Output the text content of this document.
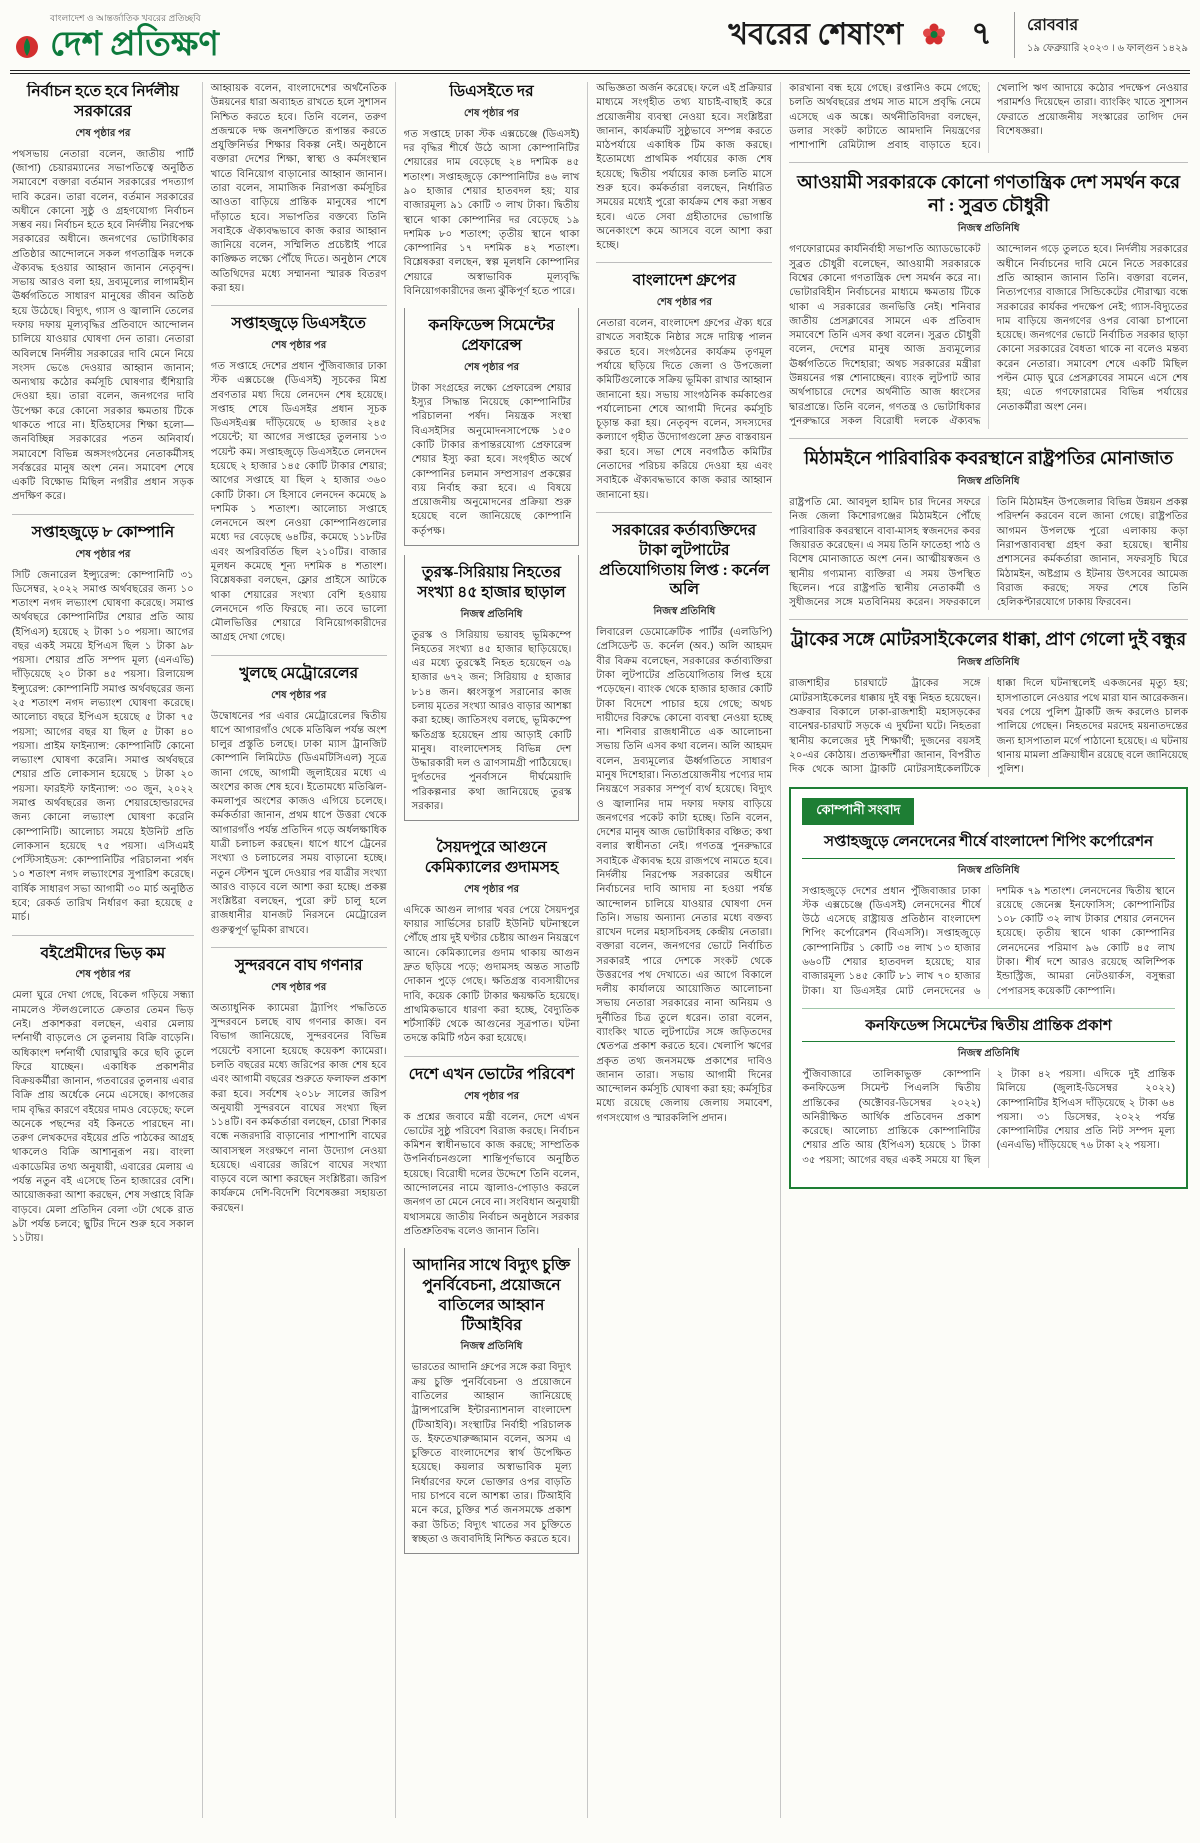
বাংলাদেশ ও আন্তর্জাতিক খবরের প্রতিচ্ছবি
দেশ প্রতিক্ষণ	খবরের শেষাংশ ৭	রোববার
১৯ ফেব্রুয়ারি ২০২৩ । ৬ ফাল্গুন ১৪২৯
নির্বাচন হতে হবে নির্দলীয় সরকারের
শেষ পৃষ্ঠার পর

পথসভায় নেতারা বলেন, জাতীয় পার্টি (জাপা) চেয়ারম্যানের সভাপতিত্বে অনুষ্ঠিত সমাবেশে বক্তারা বর্তমান সরকারের পদত্যাগ দাবি করেন। তারা বলেন, বর্তমান সরকারের অধীনে কোনো সুষ্ঠু ও গ্রহণযোগ্য নির্বাচন সম্ভব নয়। নির্বাচন হতে হবে নির্দলীয় নিরপেক্ষ সরকারের অধীনে। জনগণের ভোটাধিকার প্রতিষ্ঠার আন্দোলনে সকল গণতান্ত্রিক দলকে ঐক্যবদ্ধ হওয়ার আহ্বান জানান নেতৃবৃন্দ। সভায় আরও বলা হয়, দ্রব্যমূল্যের লাগামহীন ঊর্ধ্বগতিতে সাধারণ মানুষের জীবন অতিষ্ঠ হয়ে উঠেছে। বিদ্যুৎ, গ্যাস ও জ্বালানি তেলের দফায় দফায় মূল্যবৃদ্ধির প্রতিবাদে আন্দোলন চালিয়ে যাওয়ার ঘোষণা দেন তারা। নেতারা অবিলম্বে নির্দলীয় সরকারের দাবি মেনে নিয়ে সংসদ ভেঙে দেওয়ার আহ্বান জানান; অন্যথায় কঠোর কর্মসূচি ঘোষণার হুঁশিয়ারি দেওয়া হয়। তারা বলেন, জনগণের দাবি উপেক্ষা করে কোনো সরকার ক্ষমতায় টিকে থাকতে পারে না। ইতিহাসের শিক্ষা হলো— জনবিচ্ছিন্ন সরকারের পতন অনিবার্য। সমাবেশে বিভিন্ন অঙ্গসংগঠনের নেতাকর্মীসহ সর্বস্তরের মানুষ অংশ নেন। সমাবেশ শেষে একটি বিক্ষোভ মিছিল নগরীর প্রধান সড়ক প্রদক্ষিণ করে।

সপ্তাহজুড়ে ৮ কোম্পানি
শেষ পৃষ্ঠার পর

সিটি জেনারেল ইন্স্যুরেন্স: কোম্পানিটি ৩১ ডিসেম্বর, ২০২২ সমাপ্ত অর্থবছরের জন্য ১০ শতাংশ নগদ লভ্যাংশ ঘোষণা করেছে। সমাপ্ত অর্থবছরে কোম্পানিটির শেয়ার প্রতি আয় (ইপিএস) হয়েছে ২ টাকা ১০ পয়সা। আগের বছর একই সময়ে ইপিএস ছিল ১ টাকা ৯৮ পয়সা। শেয়ার প্রতি সম্পদ মূল্য (এনএভি) দাঁড়িয়েছে ২০ টাকা ৪৫ পয়সা। রিলায়েন্স ইন্স্যুরেন্স: কোম্পানিটি সমাপ্ত অর্থবছরের জন্য ২৫ শতাংশ নগদ লভ্যাংশ ঘোষণা করেছে। আলোচ্য বছরে ইপিএস হয়েছে ৫ টাকা ৭৫ পয়সা; আগের বছর যা ছিল ৫ টাকা ৪০ পয়সা। প্রাইম ফাইন্যান্স: কোম্পানিটি কোনো লভ্যাংশ ঘোষণা করেনি। সমাপ্ত অর্থবছরে শেয়ার প্রতি লোকসান হয়েছে ১ টাকা ২০ পয়সা। ফারইস্ট ফাইন্যান্স: ৩০ জুন, ২০২২ সমাপ্ত অর্থবছরের জন্য শেয়ারহোল্ডারদের জন্য কোনো লভ্যাংশ ঘোষণা করেনি কোম্পানিটি। আলোচ্য সময়ে ইউনিট প্রতি লোকসান হয়েছে ৭৫ পয়সা। এসিএমই পেস্টিসাইডস: কোম্পানিটির পরিচালনা পর্ষদ ১০ শতাংশ নগদ লভ্যাংশের সুপারিশ করেছে। বার্ষিক সাধারণ সভা আগামী ৩০ মার্চ অনুষ্ঠিত হবে; রেকর্ড তারিখ নির্ধারণ করা হয়েছে ৫ মার্চ।

বইপ্রেমীদের ভিড় কম
শেষ পৃষ্ঠার পর

মেলা ঘুরে দেখা গেছে, বিকেল গড়িয়ে সন্ধ্যা নামলেও স্টলগুলোতে ক্রেতার তেমন ভিড় নেই। প্রকাশকরা বলছেন, এবার মেলায় দর্শনার্থী বাড়লেও সে তুলনায় বিক্রি বাড়েনি। অধিকাংশ দর্শনার্থী ঘোরাঘুরি করে ছবি তুলে ফিরে যাচ্ছেন। একাধিক প্রকাশনীর বিক্রয়কর্মীরা জানান, গতবারের তুলনায় এবার বিক্রি প্রায় অর্ধেকে নেমে এসেছে। কাগজের দাম বৃদ্ধির কারণে বইয়ের দামও বেড়েছে; ফলে অনেকে পছন্দের বই কিনতে পারছেন না। তরুণ লেখকদের বইয়ের প্রতি পাঠকের আগ্রহ থাকলেও বিক্রি আশানুরূপ নয়। বাংলা একাডেমির তথ্য অনুযায়ী, এবারের মেলায় এ পর্যন্ত নতুন বই এসেছে তিন হাজারের বেশি। আয়োজকরা আশা করছেন, শেষ সপ্তাহে বিক্রি বাড়বে। মেলা প্রতিদিন বেলা ৩টা থেকে রাত ৯টা পর্যন্ত চলবে; ছুটির দিনে শুরু হবে সকাল ১১টায়।

আহ্বায়ক বলেন, বাংলাদেশের অর্থনৈতিক উন্নয়নের ধারা অব্যাহত রাখতে হলে সুশাসন নিশ্চিত করতে হবে। তিনি বলেন, তরুণ প্রজন্মকে দক্ষ জনশক্তিতে রূপান্তর করতে প্রযুক্তিনির্ভর শিক্ষার বিকল্প নেই। অনুষ্ঠানে বক্তারা দেশের শিক্ষা, স্বাস্থ্য ও কর্মসংস্থান খাতে বিনিয়োগ বাড়ানোর আহ্বান জানান। তারা বলেন, সামাজিক নিরাপত্তা কর্মসূচির আওতা বাড়িয়ে প্রান্তিক মানুষের পাশে দাঁড়াতে হবে। সভাপতির বক্তব্যে তিনি সবাইকে ঐক্যবদ্ধভাবে কাজ করার আহ্বান জানিয়ে বলেন, সম্মিলিত প্রচেষ্টাই পারে কাঙ্ক্ষিত লক্ষ্যে পৌঁছে দিতে। অনুষ্ঠান শেষে অতিথিদের মধ্যে সম্মাননা স্মারক বিতরণ করা হয়।

সপ্তাহজুড়ে ডিএসইতে
শেষ পৃষ্ঠার পর

গত সপ্তাহে দেশের প্রধান পুঁজিবাজার ঢাকা স্টক এক্সচেঞ্জে (ডিএসই) সূচকের মিশ্র প্রবণতার মধ্য দিয়ে লেনদেন শেষ হয়েছে। সপ্তাহ শেষে ডিএসইর প্রধান সূচক ডিএসইএক্স দাঁড়িয়েছে ৬ হাজার ২৪৫ পয়েন্টে; যা আগের সপ্তাহের তুলনায় ১৩ পয়েন্ট কম। সপ্তাহজুড়ে ডিএসইতে লেনদেন হয়েছে ২ হাজার ১৪৫ কোটি টাকার শেয়ার; আগের সপ্তাহে যা ছিল ২ হাজার ৩৬০ কোটি টাকা। সে হিসাবে লেনদেন কমেছে ৯ দশমিক ১ শতাংশ। আলোচ্য সপ্তাহে লেনদেনে অংশ নেওয়া কোম্পানিগুলোর মধ্যে দর বেড়েছে ৬৪টির, কমেছে ১১৮টির এবং অপরিবর্তিত ছিল ২১০টির। বাজার মূলধন কমেছে শূন্য দশমিক ৪ শতাংশ। বিশ্লেষকরা বলছেন, ফ্লোর প্রাইসে আটকে থাকা শেয়ারের সংখ্যা বেশি হওয়ায় লেনদেনে গতি ফিরছে না। তবে ভালো মৌলভিত্তির শেয়ারে বিনিয়োগকারীদের আগ্রহ দেখা গেছে।

খুলছে মেট্রোরেলের
শেষ পৃষ্ঠার পর

উদ্বোধনের পর এবার মেট্রোরেলের দ্বিতীয় ধাপে আগারগাঁও থেকে মতিঝিল পর্যন্ত অংশ চালুর প্রস্তুতি চলছে। ঢাকা ম্যাস ট্রানজিট কোম্পানি লিমিটেড (ডিএমটিসিএল) সূত্রে জানা গেছে, আগামী জুলাইয়ের মধ্যে এ অংশের কাজ শেষ হবে। ইতোমধ্যে মতিঝিল-কমলাপুর অংশের কাজও এগিয়ে চলেছে। কর্মকর্তারা জানান, প্রথম ধাপে উত্তরা থেকে আগারগাঁও পর্যন্ত প্রতিদিন গড়ে অর্ধলক্ষাধিক যাত্রী চলাচল করছেন। ধাপে ধাপে ট্রেনের সংখ্যা ও চলাচলের সময় বাড়ানো হচ্ছে। নতুন স্টেশন খুলে দেওয়ার পর যাত্রীর সংখ্যা আরও বাড়বে বলে আশা করা হচ্ছে। প্রকল্প সংশ্লিষ্টরা বলছেন, পুরো রুট চালু হলে রাজধানীর যানজট নিরসনে মেট্রোরেল গুরুত্বপূর্ণ ভূমিকা রাখবে।

সুন্দরবনে বাঘ গণনার
শেষ পৃষ্ঠার পর

অত্যাধুনিক ক্যামেরা ট্র্যাপিং পদ্ধতিতে সুন্দরবনে চলছে বাঘ গণনার কাজ। বন বিভাগ জানিয়েছে, সুন্দরবনের বিভিন্ন পয়েন্টে বসানো হয়েছে কয়েকশ ক্যামেরা। চলতি বছরের মধ্যে জরিপের কাজ শেষ হবে এবং আগামী বছরের শুরুতে ফলাফল প্রকাশ করা হবে। সর্বশেষ ২০১৮ সালের জরিপ অনুযায়ী সুন্দরবনে বাঘের সংখ্যা ছিল ১১৪টি। বন কর্মকর্তারা বলছেন, চোরা শিকার বন্ধে নজরদারি বাড়ানোর পাশাপাশি বাঘের আবাসস্থল সংরক্ষণে নানা উদ্যোগ নেওয়া হয়েছে। এবারের জরিপে বাঘের সংখ্যা বাড়বে বলে আশা করছেন সংশ্লিষ্টরা। জরিপ কার্যক্রমে দেশি-বিদেশি বিশেষজ্ঞরা সহায়তা করছেন।

ডিএসইতে দর
শেষ পৃষ্ঠার পর

গত সপ্তাহে ঢাকা স্টক এক্সচেঞ্জে (ডিএসই) দর বৃদ্ধির শীর্ষে উঠে আসা কোম্পানিটির শেয়ারের দাম বেড়েছে ২৪ দশমিক ৪৫ শতাংশ। সপ্তাহজুড়ে কোম্পানিটির ৪৬ লাখ ৯০ হাজার শেয়ার হাতবদল হয়; যার বাজারমূল্য ৯১ কোটি ৩ লাখ টাকা। দ্বিতীয় স্থানে থাকা কোম্পানির দর বেড়েছে ১৯ দশমিক ৮০ শতাংশ; তৃতীয় স্থানে থাকা কোম্পানির ১৭ দশমিক ৪২ শতাংশ। বিশ্লেষকরা বলছেন, স্বল্প মূলধনি কোম্পানির শেয়ারে অস্বাভাবিক মূল্যবৃদ্ধি বিনিয়োগকারীদের জন্য ঝুঁকিপূর্ণ হতে পারে।

কনফিডেন্স সিমেন্টের প্রেফারেন্স
শেষ পৃষ্ঠার পর

টাকা সংগ্রহের লক্ষ্যে প্রেফারেন্স শেয়ার ইস্যুর সিদ্ধান্ত নিয়েছে কোম্পানিটির পরিচালনা পর্ষদ। নিয়ন্ত্রক সংস্থা বিএসইসির অনুমোদনসাপেক্ষে ১৫০ কোটি টাকার রূপান্তরযোগ্য প্রেফারেন্স শেয়ার ইস্যু করা হবে। সংগৃহীত অর্থে কোম্পানির চলমান সম্প্রসারণ প্রকল্পের ব্যয় নির্বাহ করা হবে। এ বিষয়ে প্রয়োজনীয় অনুমোদনের প্রক্রিয়া শুরু হয়েছে বলে জানিয়েছে কোম্পানি কর্তৃপক্ষ।

তুরস্ক-সিরিয়ায় নিহতের সংখ্যা ৪৫ হাজার ছাড়াল
নিজস্ব প্রতিনিধি

তুরস্ক ও সিরিয়ায় ভয়াবহ ভূমিকম্পে নিহতের সংখ্যা ৪৫ হাজার ছাড়িয়েছে। এর মধ্যে তুরস্কেই নিহত হয়েছেন ৩৯ হাজার ৬৭২ জন; সিরিয়ায় ৫ হাজার ৮১৪ জন। ধ্বংসস্তূপ সরানোর কাজ চলায় মৃতের সংখ্যা আরও বাড়ার আশঙ্কা করা হচ্ছে। জাতিসংঘ বলছে, ভূমিকম্পে ক্ষতিগ্রস্ত হয়েছেন প্রায় আড়াই কোটি মানুষ। বাংলাদেশসহ বিভিন্ন দেশ উদ্ধারকারী দল ও ত্রাণসামগ্রী পাঠিয়েছে। দুর্গতদের পুনর্বাসনে দীর্ঘমেয়াদি পরিকল্পনার কথা জানিয়েছে তুরস্ক সরকার।

সৈয়দপুরে আগুনে কেমিক্যালের গুদামসহ
শেষ পৃষ্ঠার পর

এদিকে আগুন লাগার খবর পেয়ে সৈয়দপুর ফায়ার সার্ভিসের চারটি ইউনিট ঘটনাস্থলে পৌঁছে প্রায় দুই ঘণ্টার চেষ্টায় আগুন নিয়ন্ত্রণে আনে। কেমিক্যালের গুদাম থাকায় আগুন দ্রুত ছড়িয়ে পড়ে; গুদামসহ অন্তত সাতটি দোকান পুড়ে গেছে। ক্ষতিগ্রস্ত ব্যবসায়ীদের দাবি, কয়েক কোটি টাকার ক্ষয়ক্ষতি হয়েছে। প্রাথমিকভাবে ধারণা করা হচ্ছে, বৈদ্যুতিক শর্টসার্কিট থেকে আগুনের সূত্রপাত। ঘটনা তদন্তে কমিটি গঠন করা হয়েছে।

দেশে এখন ভোটের পরিবেশ
শেষ পৃষ্ঠার পর

ক প্রশ্নের জবাবে মন্ত্রী বলেন, দেশে এখন ভোটের সুষ্ঠু পরিবেশ বিরাজ করছে। নির্বাচন কমিশন স্বাধীনভাবে কাজ করছে; সাম্প্রতিক উপনির্বাচনগুলো শান্তিপূর্ণভাবে অনুষ্ঠিত হয়েছে। বিরোধী দলের উদ্দেশে তিনি বলেন, আন্দোলনের নামে জ্বালাও-পোড়াও করলে জনগণ তা মেনে নেবে না। সংবিধান অনুযায়ী যথাসময়ে জাতীয় নির্বাচন অনুষ্ঠানে সরকার প্রতিশ্রুতিবদ্ধ বলেও জানান তিনি।

আদানির সাথে বিদ্যুৎ চুক্তি পুনর্বিবেচনা, প্রয়োজনে বাতিলের আহ্বান টিআইবির
নিজস্ব প্রতিনিধি

ভারতের আদানি গ্রুপের সঙ্গে করা বিদ্যুৎ ক্রয় চুক্তি পুনর্বিবেচনা ও প্রয়োজনে বাতিলের আহ্বান জানিয়েছে ট্রান্সপারেন্সি ইন্টারন্যাশনাল বাংলাদেশ (টিআইবি)। সংস্থাটির নির্বাহী পরিচালক ড. ইফতেখারুজ্জামান বলেন, অসম এ চুক্তিতে বাংলাদেশের স্বার্থ উপেক্ষিত হয়েছে। কয়লার অস্বাভাবিক মূল্য নির্ধারণের ফলে ভোক্তার ওপর বাড়তি দায় চাপবে বলে আশঙ্কা তার। টিআইবি মনে করে, চুক্তির শর্ত জনসমক্ষে প্রকাশ করা উচিত; বিদ্যুৎ খাতের সব চুক্তিতে স্বচ্ছতা ও জবাবদিহি নিশ্চিত করতে হবে।

অভিজ্ঞতা অর্জন করেছে। ফলে এই প্রক্রিয়ার মাধ্যমে সংগৃহীত তথ্য যাচাই-বাছাই করে প্রয়োজনীয় ব্যবস্থা নেওয়া হবে। সংশ্লিষ্টরা জানান, কার্যক্রমটি সুষ্ঠুভাবে সম্পন্ন করতে মাঠপর্যায়ে একাধিক টিম কাজ করছে। ইতোমধ্যে প্রাথমিক পর্যায়ের কাজ শেষ হয়েছে; দ্বিতীয় পর্যায়ের কাজ চলতি মাসে শুরু হবে। কর্মকর্তারা বলছেন, নির্ধারিত সময়ের মধ্যেই পুরো কার্যক্রম শেষ করা সম্ভব হবে। এতে সেবা গ্রহীতাদের ভোগান্তি অনেকাংশে কমে আসবে বলে আশা করা হচ্ছে।

বাংলাদেশ গ্রুপের
শেষ পৃষ্ঠার পর

নেতারা বলেন, বাংলাদেশ গ্রুপের ঐক্য ধরে রাখতে সবাইকে নিষ্ঠার সঙ্গে দায়িত্ব পালন করতে হবে। সংগঠনের কার্যক্রম তৃণমূল পর্যায়ে ছড়িয়ে দিতে জেলা ও উপজেলা কমিটিগুলোকে সক্রিয় ভূমিকা রাখার আহ্বান জানানো হয়। সভায় সাংগঠনিক কর্মকাণ্ডের পর্যালোচনা শেষে আগামী দিনের কর্মসূচি চূড়ান্ত করা হয়। নেতৃবৃন্দ বলেন, সদস্যদের কল্যাণে গৃহীত উদ্যোগগুলো দ্রুত বাস্তবায়ন করা হবে। সভা শেষে নবগঠিত কমিটির নেতাদের পরিচয় করিয়ে দেওয়া হয় এবং সবাইকে ঐক্যবদ্ধভাবে কাজ করার আহ্বান জানানো হয়।

সরকারের কর্তাব্যক্তিদের টাকা লুটপাটের প্রতিযোগিতায় লিপ্ত : কর্নেল অলি
নিজস্ব প্রতিনিধি

লিবারেল ডেমোক্রেটিক পার্টির (এলডিপি) প্রেসিডেন্ট ড. কর্নেল (অব.) অলি আহমদ বীর বিক্রম বলেছেন, সরকারের কর্তাব্যক্তিরা টাকা লুটপাটের প্রতিযোগিতায় লিপ্ত হয়ে পড়েছেন। ব্যাংক থেকে হাজার হাজার কোটি টাকা বিদেশে পাচার হয়ে গেছে; অথচ দায়ীদের বিরুদ্ধে কোনো ব্যবস্থা নেওয়া হচ্ছে না। শনিবার রাজধানীতে এক আলোচনা সভায় তিনি এসব কথা বলেন। অলি আহমদ বলেন, দ্রব্যমূল্যের ঊর্ধ্বগতিতে সাধারণ মানুষ দিশেহারা। নিত্যপ্রয়োজনীয় পণ্যের দাম নিয়ন্ত্রণে সরকার সম্পূর্ণ ব্যর্থ হয়েছে। বিদ্যুৎ ও জ্বালানির দাম দফায় দফায় বাড়িয়ে জনগণের পকেট কাটা হচ্ছে। তিনি বলেন, দেশের মানুষ আজ ভোটাধিকার বঞ্চিত; কথা বলার স্বাধীনতা নেই। গণতন্ত্র পুনরুদ্ধারে সবাইকে ঐক্যবদ্ধ হয়ে রাজপথে নামতে হবে। নির্দলীয় নিরপেক্ষ সরকারের অধীনে নির্বাচনের দাবি আদায় না হওয়া পর্যন্ত আন্দোলন চালিয়ে যাওয়ার ঘোষণা দেন তিনি। সভায় অন্যান্য নেতার মধ্যে বক্তব্য রাখেন দলের মহাসচিবসহ কেন্দ্রীয় নেতারা। বক্তারা বলেন, জনগণের ভোটে নির্বাচিত সরকারই পারে দেশকে সংকট থেকে উত্তরণের পথ দেখাতে। এর আগে বিকালে দলীয় কার্যালয়ে আয়োজিত আলোচনা সভায় নেতারা সরকারের নানা অনিয়ম ও দুর্নীতির চিত্র তুলে ধরেন। তারা বলেন, ব্যাংকিং খাতে লুটপাটের সঙ্গে জড়িতদের শ্বেতপত্র প্রকাশ করতে হবে। খেলাপি ঋণের প্রকৃত তথ্য জনসমক্ষে প্রকাশের দাবিও জানান তারা। সভায় আগামী দিনের আন্দোলন কর্মসূচি ঘোষণা করা হয়; কর্মসূচির মধ্যে রয়েছে জেলায় জেলায় সমাবেশ, গণসংযোগ ও স্মারকলিপি প্রদান।

কারখানা বন্ধ হয়ে গেছে। রপ্তানিও কমে গেছে; চলতি অর্থবছরের প্রথম সাত মাসে প্রবৃদ্ধি নেমে এসেছে এক অঙ্কে। অর্থনীতিবিদরা বলছেন, ডলার সংকট কাটাতে আমদানি নিয়ন্ত্রণের পাশাপাশি রেমিট্যান্স প্রবাহ বাড়াতে হবে। খেলাপি ঋণ আদায়ে কঠোর পদক্ষেপ নেওয়ার পরামর্শও দিয়েছেন তারা। ব্যাংকিং খাতে সুশাসন ফেরাতে প্রয়োজনীয় সংস্কারের তাগিদ দেন বিশেষজ্ঞরা।

আওয়ামী সরকারকে কোনো গণতান্ত্রিক দেশ সমর্থন করে না : সুব্রত চৌধুরী
নিজস্ব প্রতিনিধি

গণফোরামের কার্যনির্বাহী সভাপতি অ্যাডভোকেট সুব্রত চৌধুরী বলেছেন, আওয়ামী সরকারকে বিশ্বের কোনো গণতান্ত্রিক দেশ সমর্থন করে না। ভোটারবিহীন নির্বাচনের মাধ্যমে ক্ষমতায় টিকে থাকা এ সরকারের জনভিত্তি নেই। শনিবার জাতীয় প্রেসক্লাবের সামনে এক প্রতিবাদ সমাবেশে তিনি এসব কথা বলেন। সুব্রত চৌধুরী বলেন, দেশের মানুষ আজ দ্রব্যমূল্যের ঊর্ধ্বগতিতে দিশেহারা; অথচ সরকারের মন্ত্রীরা উন্নয়নের গল্প শোনাচ্ছেন। ব্যাংক লুটপাট আর অর্থপাচারে দেশের অর্থনীতি আজ ধ্বংসের দ্বারপ্রান্তে। তিনি বলেন, গণতন্ত্র ও ভোটাধিকার পুনরুদ্ধারে সকল বিরোধী দলকে ঐক্যবদ্ধ আন্দোলন গড়ে তুলতে হবে। নির্দলীয় সরকারের অধীনে নির্বাচনের দাবি মেনে নিতে সরকারের প্রতি আহ্বান জানান তিনি। বক্তারা বলেন, নিত্যপণ্যের বাজারে সিন্ডিকেটের দৌরাত্ম্য বন্ধে সরকারের কার্যকর পদক্ষেপ নেই; গ্যাস-বিদ্যুতের দাম বাড়িয়ে জনগণের ওপর বোঝা চাপানো হয়েছে। জনগণের ভোটে নির্বাচিত সরকার ছাড়া কোনো সরকারের বৈধতা থাকে না বলেও মন্তব্য করেন নেতারা। সমাবেশ শেষে একটি মিছিল পল্টন মোড় ঘুরে প্রেসক্লাবের সামনে এসে শেষ হয়; এতে গণফোরামের বিভিন্ন পর্যায়ের নেতাকর্মীরা অংশ নেন।

মিঠামইনে পারিবারিক কবরস্থানে রাষ্ট্রপতির মোনাজাত
নিজস্ব প্রতিনিধি

রাষ্ট্রপতি মো. আবদুল হামিদ চার দিনের সফরে নিজ জেলা কিশোরগঞ্জের মিঠামইনে পৌঁছে পারিবারিক কবরস্থানে বাবা-মাসহ স্বজনদের কবর জিয়ারত করেছেন। এ সময় তিনি ফাতেহা পাঠ ও বিশেষ মোনাজাতে অংশ নেন। আত্মীয়স্বজন ও স্থানীয় গণ্যমান্য ব্যক্তিরা এ সময় উপস্থিত ছিলেন। পরে রাষ্ট্রপতি স্থানীয় নেতাকর্মী ও সুধীজনের সঙ্গে মতবিনিময় করেন। সফরকালে তিনি মিঠামইন উপজেলার বিভিন্ন উন্নয়ন প্রকল্প পরিদর্শন করবেন বলে জানা গেছে। রাষ্ট্রপতির আগমন উপলক্ষে পুরো এলাকায় কড়া নিরাপত্তাব্যবস্থা গ্রহণ করা হয়েছে। স্থানীয় প্রশাসনের কর্মকর্তারা জানান, সফরসূচি ঘিরে মিঠামইন, অষ্টগ্রাম ও ইটনায় উৎসবের আমেজ বিরাজ করছে; সফর শেষে তিনি হেলিকপ্টারযোগে ঢাকায় ফিরবেন।

ট্রাকের সঙ্গে মোটরসাইকেলের ধাক্কা, প্রাণ গেলো দুই বন্ধুর
নিজস্ব প্রতিনিধি

রাজশাহীর চারঘাটে ট্রাকের সঙ্গে মোটরসাইকেলের ধাক্কায় দুই বন্ধু নিহত হয়েছেন। শুক্রবার বিকালে ঢাকা-রাজশাহী মহাসড়কের বানেশ্বর-চারঘাট সড়কে এ দুর্ঘটনা ঘটে। নিহতরা স্থানীয় কলেজের দুই শিক্ষার্থী; দুজনের বয়সই ২০-এর কোঠায়। প্রত্যক্ষদর্শীরা জানান, বিপরীত দিক থেকে আসা ট্রাকটি মোটরসাইকেলটিকে ধাক্কা দিলে ঘটনাস্থলেই একজনের মৃত্যু হয়; হাসপাতালে নেওয়ার পথে মারা যান আরেকজন। খবর পেয়ে পুলিশ ট্রাকটি জব্দ করলেও চালক পালিয়ে গেছেন। নিহতদের মরদেহ ময়নাতদন্তের জন্য হাসপাতাল মর্গে পাঠানো হয়েছে। এ ঘটনায় থানায় মামলা প্রক্রিয়াধীন রয়েছে বলে জানিয়েছে পুলিশ।

কোম্পানী সংবাদ
সপ্তাহজুড়ে লেনদেনের শীর্ষে বাংলাদেশ শিপিং কর্পোরেশন
নিজস্ব প্রতিনিধি

সপ্তাহজুড়ে দেশের প্রধান পুঁজিবাজার ঢাকা স্টক এক্সচেঞ্জে (ডিএসই) লেনদেনের শীর্ষে উঠে এসেছে রাষ্ট্রায়ত্ত প্রতিষ্ঠান বাংলাদেশ শিপিং কর্পোরেশন (বিএসসি)। সপ্তাহজুড়ে কোম্পানিটির ১ কোটি ৩৪ লাখ ১৩ হাজার ৬৬০টি শেয়ার হাতবদল হয়েছে; যার বাজারমূল্য ১৪৫ কোটি ৮১ লাখ ৭০ হাজার টাকা। যা ডিএসইর মোট লেনদেনের ৬ দশমিক ৭৯ শতাংশ। লেনদেনের দ্বিতীয় স্থানে রয়েছে জেনেক্স ইনফোসিস; কোম্পানিটির ১০৮ কোটি ৩২ লাখ টাকার শেয়ার লেনদেন হয়েছে। তৃতীয় স্থানে থাকা কোম্পানির লেনদেনের পরিমাণ ৯৬ কোটি ৪৫ লাখ টাকা। শীর্ষ দশে আরও রয়েছে অলিম্পিক ইন্ডাস্ট্রিজ, আমরা নেটওয়ার্কস, বসুন্ধরা পেপারসহ কয়েকটি কোম্পানি।

কনফিডেন্স সিমেন্টের দ্বিতীয় প্রান্তিক প্রকাশ
নিজস্ব প্রতিনিধি

পুঁজিবাজারে তালিকাভুক্ত কোম্পানি কনফিডেন্স সিমেন্ট পিএলসি দ্বিতীয় প্রান্তিকের (অক্টোবর-ডিসেম্বর ২০২২) অনিরীক্ষিত আর্থিক প্রতিবেদন প্রকাশ করেছে। আলোচ্য প্রান্তিকে কোম্পানিটির শেয়ার প্রতি আয় (ইপিএস) হয়েছে ১ টাকা ৩৫ পয়সা; আগের বছর একই সময়ে যা ছিল ২ টাকা ৪২ পয়সা। এদিকে দুই প্রান্তিক মিলিয়ে (জুলাই-ডিসেম্বর ২০২২) কোম্পানিটির ইপিএস দাঁড়িয়েছে ২ টাকা ৬৪ পয়সা। ৩১ ডিসেম্বর, ২০২২ পর্যন্ত কোম্পানিটির শেয়ার প্রতি নিট সম্পদ মূল্য (এনএভি) দাঁড়িয়েছে ৭৬ টাকা ২২ পয়সা।
